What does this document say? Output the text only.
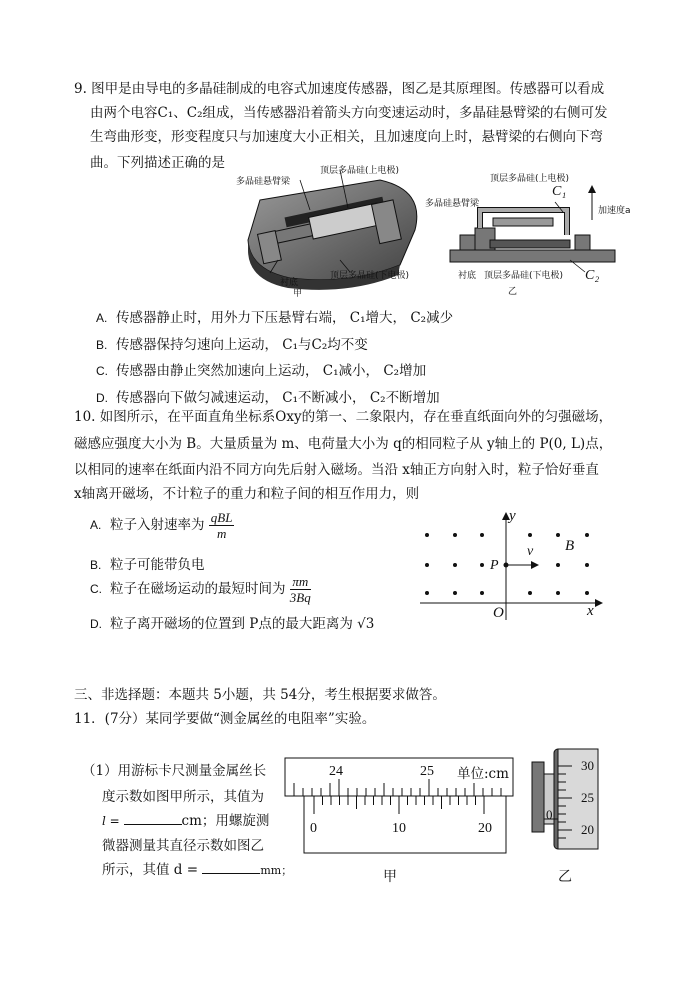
9. 图甲是由导电的多晶硅制成的电容式加速度传感器，图乙是其原理图。传感器可以看成
由两个电容C₁、C₂组成，当传感器沿着箭头方向变速运动时，多晶硅悬臂梁的右侧可发
生弯曲形变，形变程度只与加速度大小正相关，且加速度向上时，悬臂梁的右侧向下弯
曲。下列描述正确的是	顶层多晶硅(上电极)
多晶硅悬臂梁
衬底
顶层多晶硅(下电极)
甲
顶层多晶硅(上电极)
多晶硅悬臂梁
C₁
加速度a
衬底 顶层多晶硅(下电极) C₂
乙
A. 传感器静止时，用外力下压悬臂右端， C₁增大， C₂减少
B. 传感器保持匀速向上运动， C₁与C₂均不变
C. 传感器由静止突然加速向上运动， C₁减小， C₂增加
D. 传感器向下做匀减速运动， C₁不断减小， C₂不断增加
10. 如图所示，在平面直角坐标系Oxy的第一、二象限内，存在垂直纸面向外的匀强磁场，
磁感应强度大小为 B。大量质量为 m、电荷量大小为 q的相同粒子从 y轴上的 P(0, L)点，
以相同的速率在纸面内沿不同方向先后射入磁场。当沿 x轴正方向射入时，粒子恰好垂直
x轴离开磁场，不计粒子的重力和粒子间的相互作用力，则
A. 粒子入射速率为 $\frac{\text{qBL}}{m}$
B. 粒子可能带负电
C. 粒子在磁场运动的最短时间为 $\frac{\pi m}{3Bq}$
D. 粒子离开磁场的位置到 P点的最大距离为 √3
y
x
O
P
v B
三、非选择题：本题共 5小题，共 54分，考生根据要求做答。
11．(7分）某同学要做“测金属丝的电阻率”实验。
（1）用游标卡尺测量金属丝长
度示数如图甲所示，其值为
l =	cm；用螺旋测
微器测量其直径示数如图乙
所示，其值 d =	mm；
24	25 单位:cm
0	10	20
甲
30
25
20
0
乙
